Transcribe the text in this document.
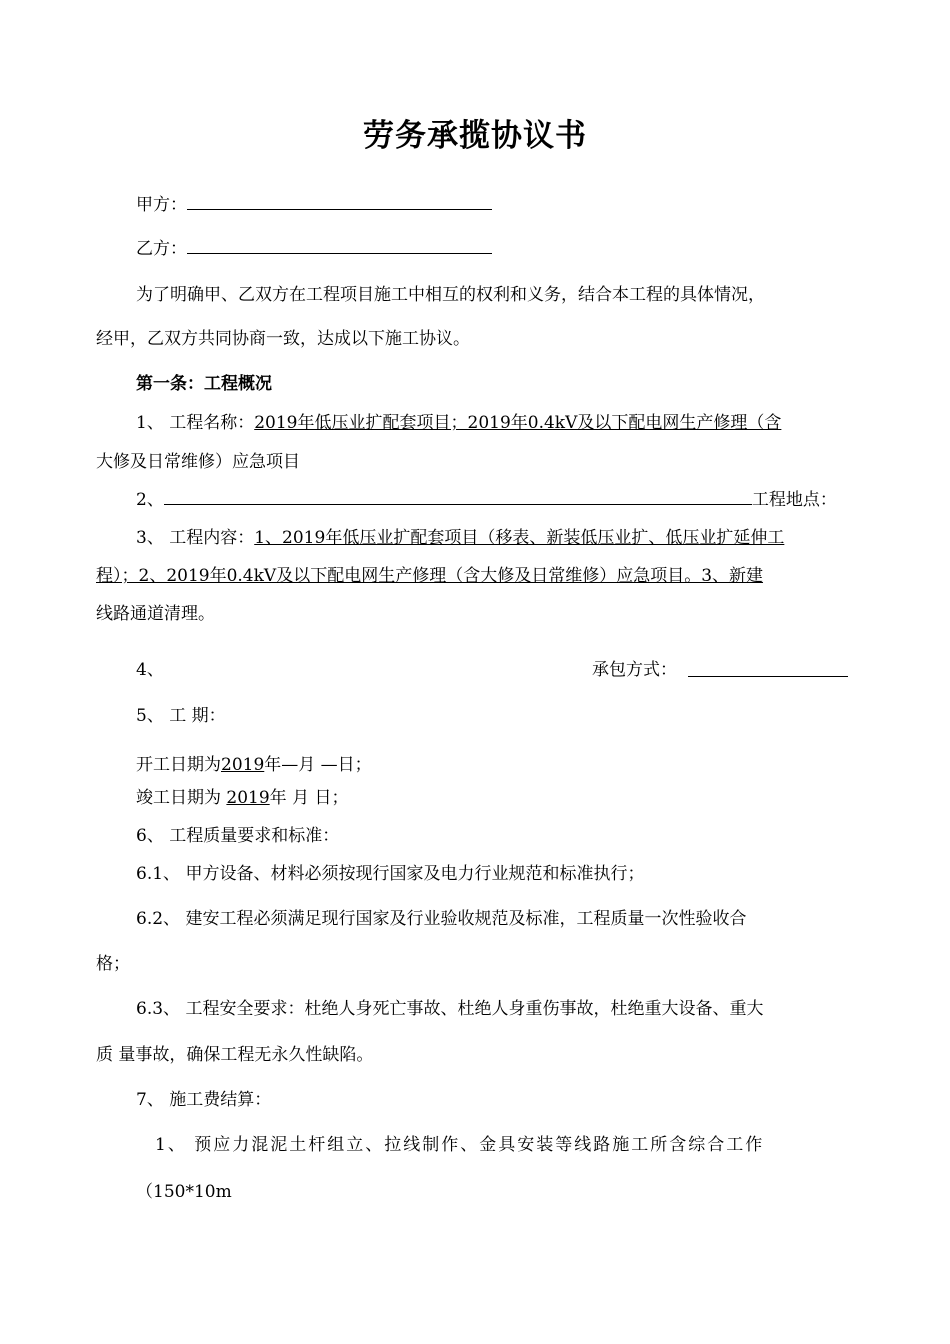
劳务承揽协议书
甲方：
乙方：
为了明确甲、乙双方在工程项目施工中相互的权利和义务，结合本工程的具体情况，
经甲，乙双方共同协商一致，达成以下施工协议。
第一条：工程概况
1、 工程名称：2019年低压业扩配套项目；2019年0.4kV及以下配电网生产修理（含
大修及日常维修）应急项目
2、	工程地点：
3、 工程内容：1、2019年低压业扩配套项目（移表、新装低压业扩、低压业扩延伸工
程）；2、2019年0.4kV及以下配电网生产修理（含大修及日常维修）应急项目。3、新建
线路通道清理。
4、	承包方式：
5、 工 期：
开工日期为2019年—月 —日；
竣工日期为 2019年 月 日；
6、 工程质量要求和标准：
6.1、 甲方设备、材料必须按现行国家及电力行业规范和标准执行；
6.2、 建安工程必须满足现行国家及行业验收规范及标准，工程质量一次性验收合
格；
6.3、 工程安全要求：杜绝人身死亡事故、杜绝人身重伤事故，杜绝重大设备、重大
质 量事故，确保工程无永久性缺陷。
7、 施工费结算：
1、 预应力混泥土杆组立、拉线制作、金具安装等线路施工所含综合工作
（150*10m
